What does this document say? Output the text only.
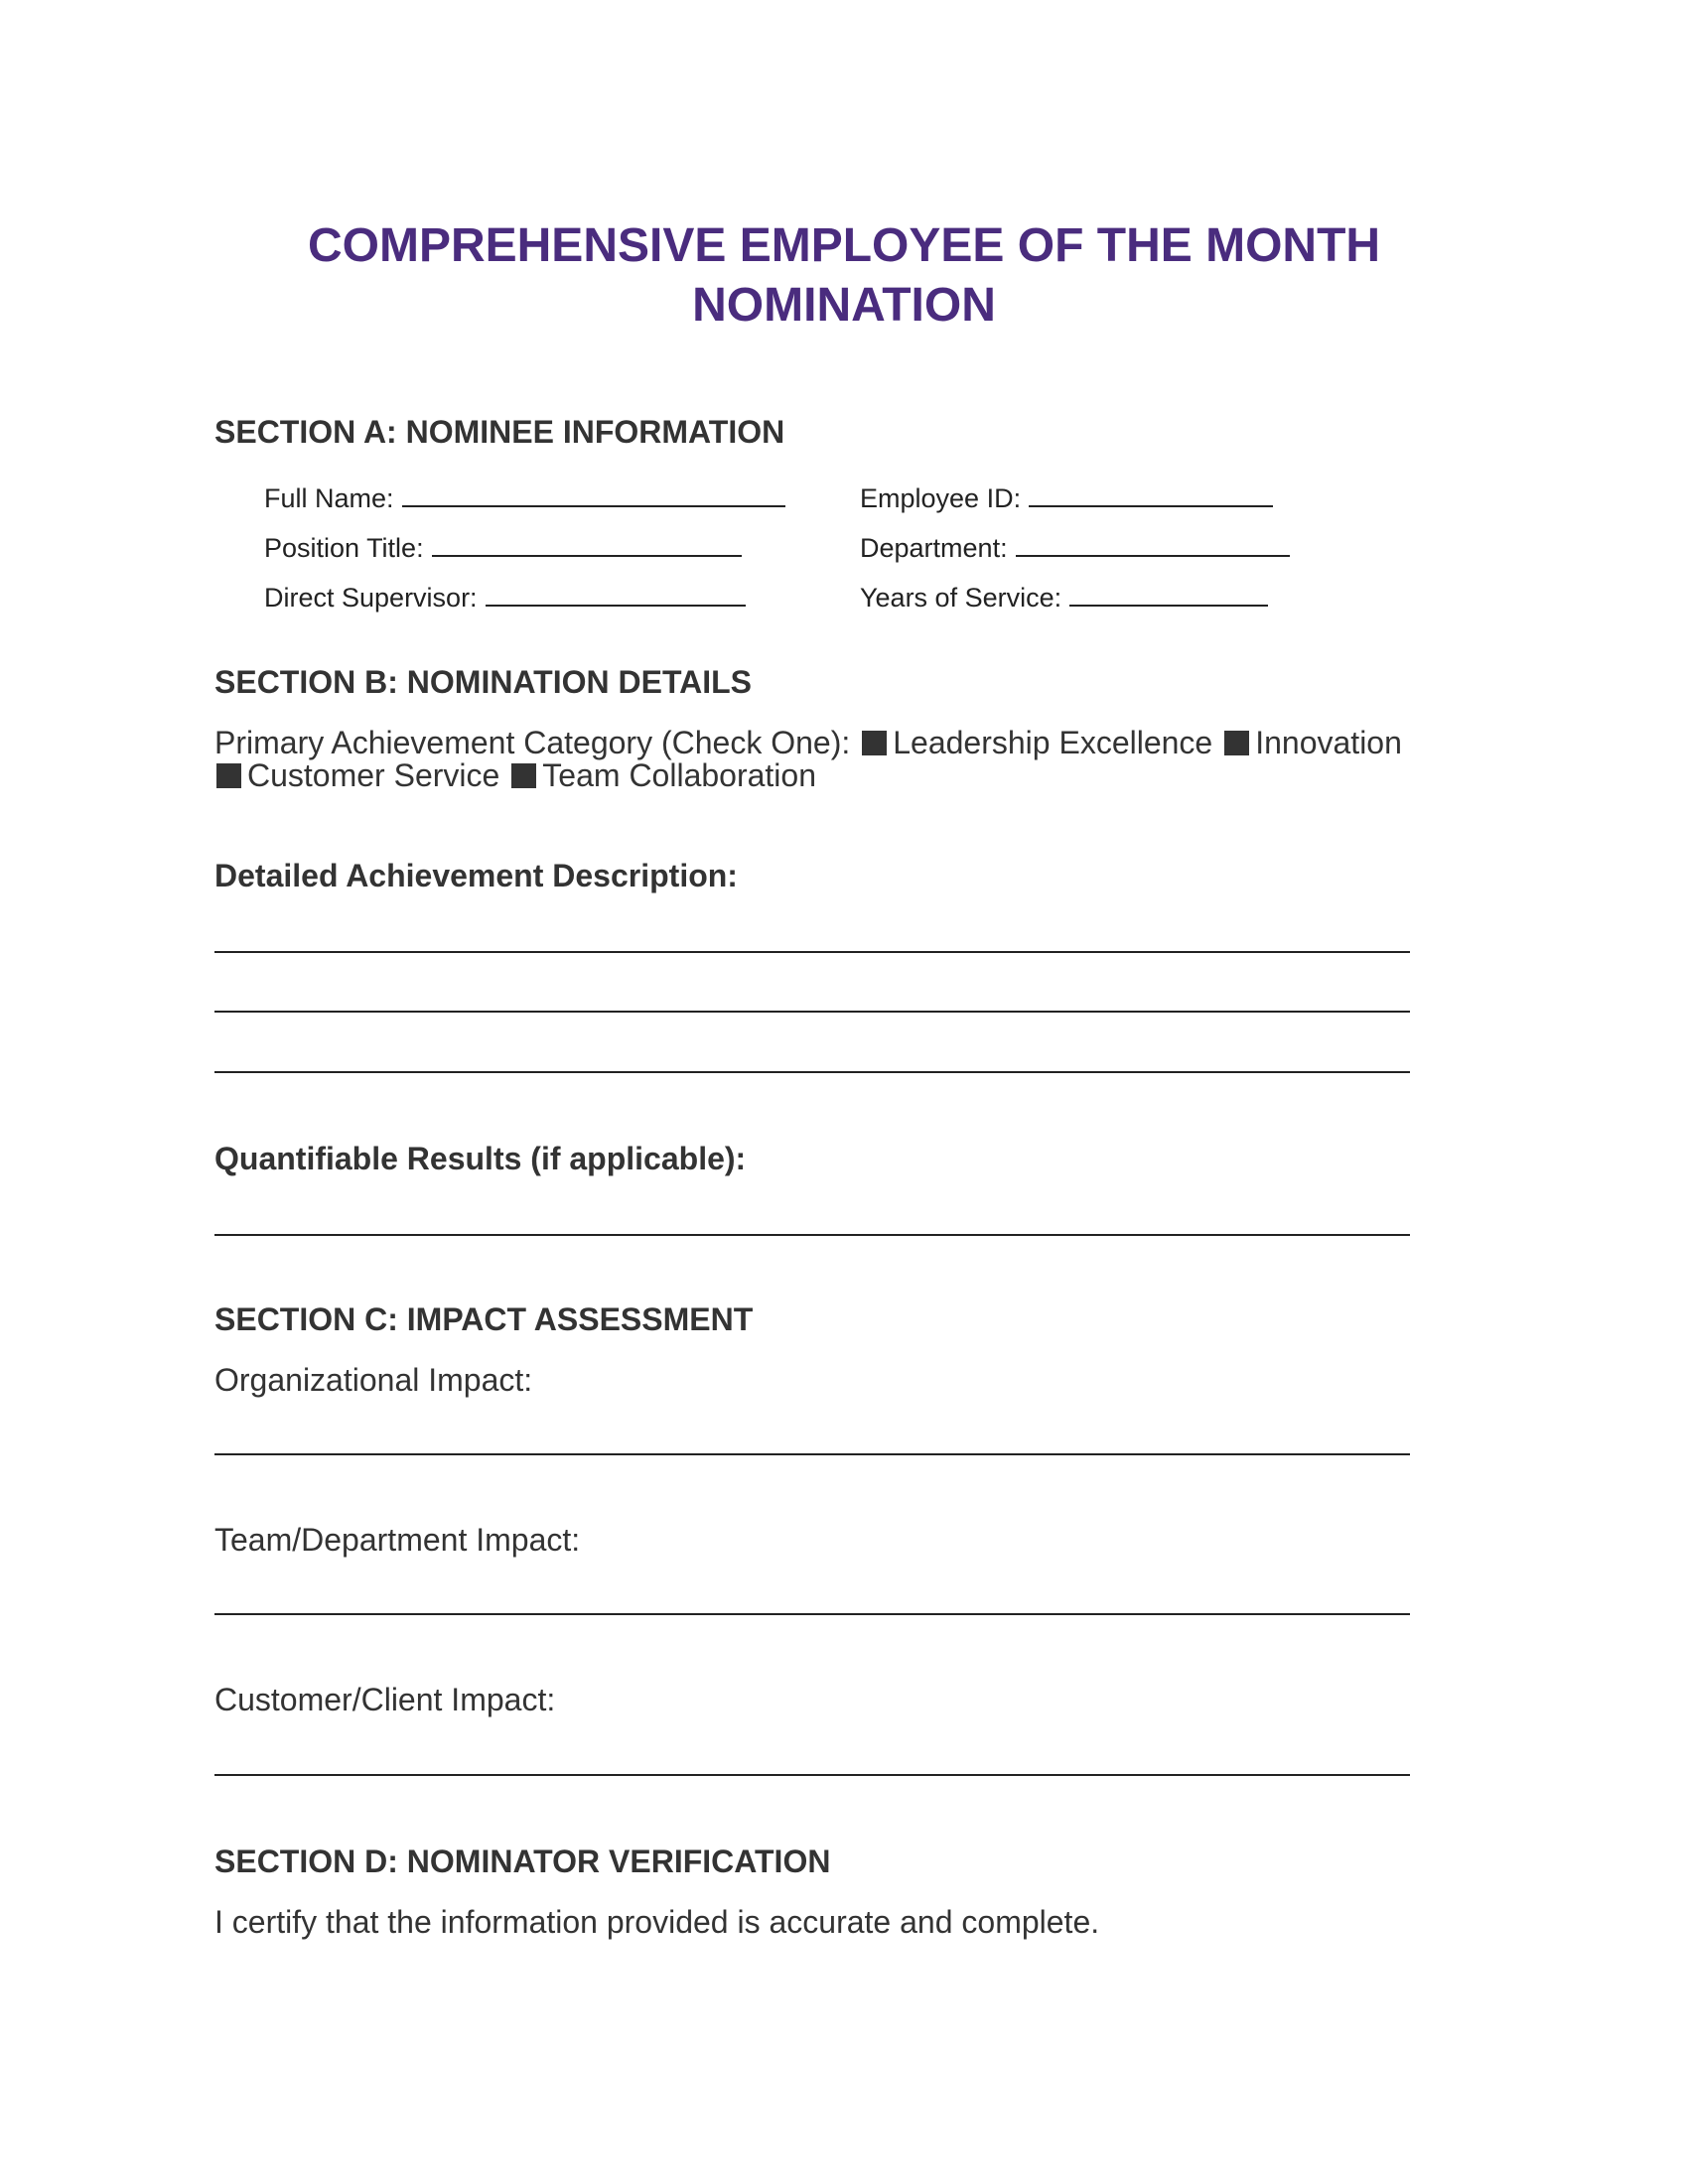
COMPREHENSIVE EMPLOYEE OF THE MONTH
NOMINATION
SECTION A: NOMINEE INFORMATION
Full Name:	Employee ID:
Position Title:	Department:
Direct Supervisor:	Years of Service:
SECTION B: NOMINATION DETAILS
Primary Achievement Category (Check One): Leadership Excellence Innovation
Customer Service Team Collaboration
Detailed Achievement Description:
Quantifiable Results (if applicable):
SECTION C: IMPACT ASSESSMENT
Organizational Impact:
Team/Department Impact:
Customer/Client Impact:
SECTION D: NOMINATOR VERIFICATION
I certify that the information provided is accurate and complete.
